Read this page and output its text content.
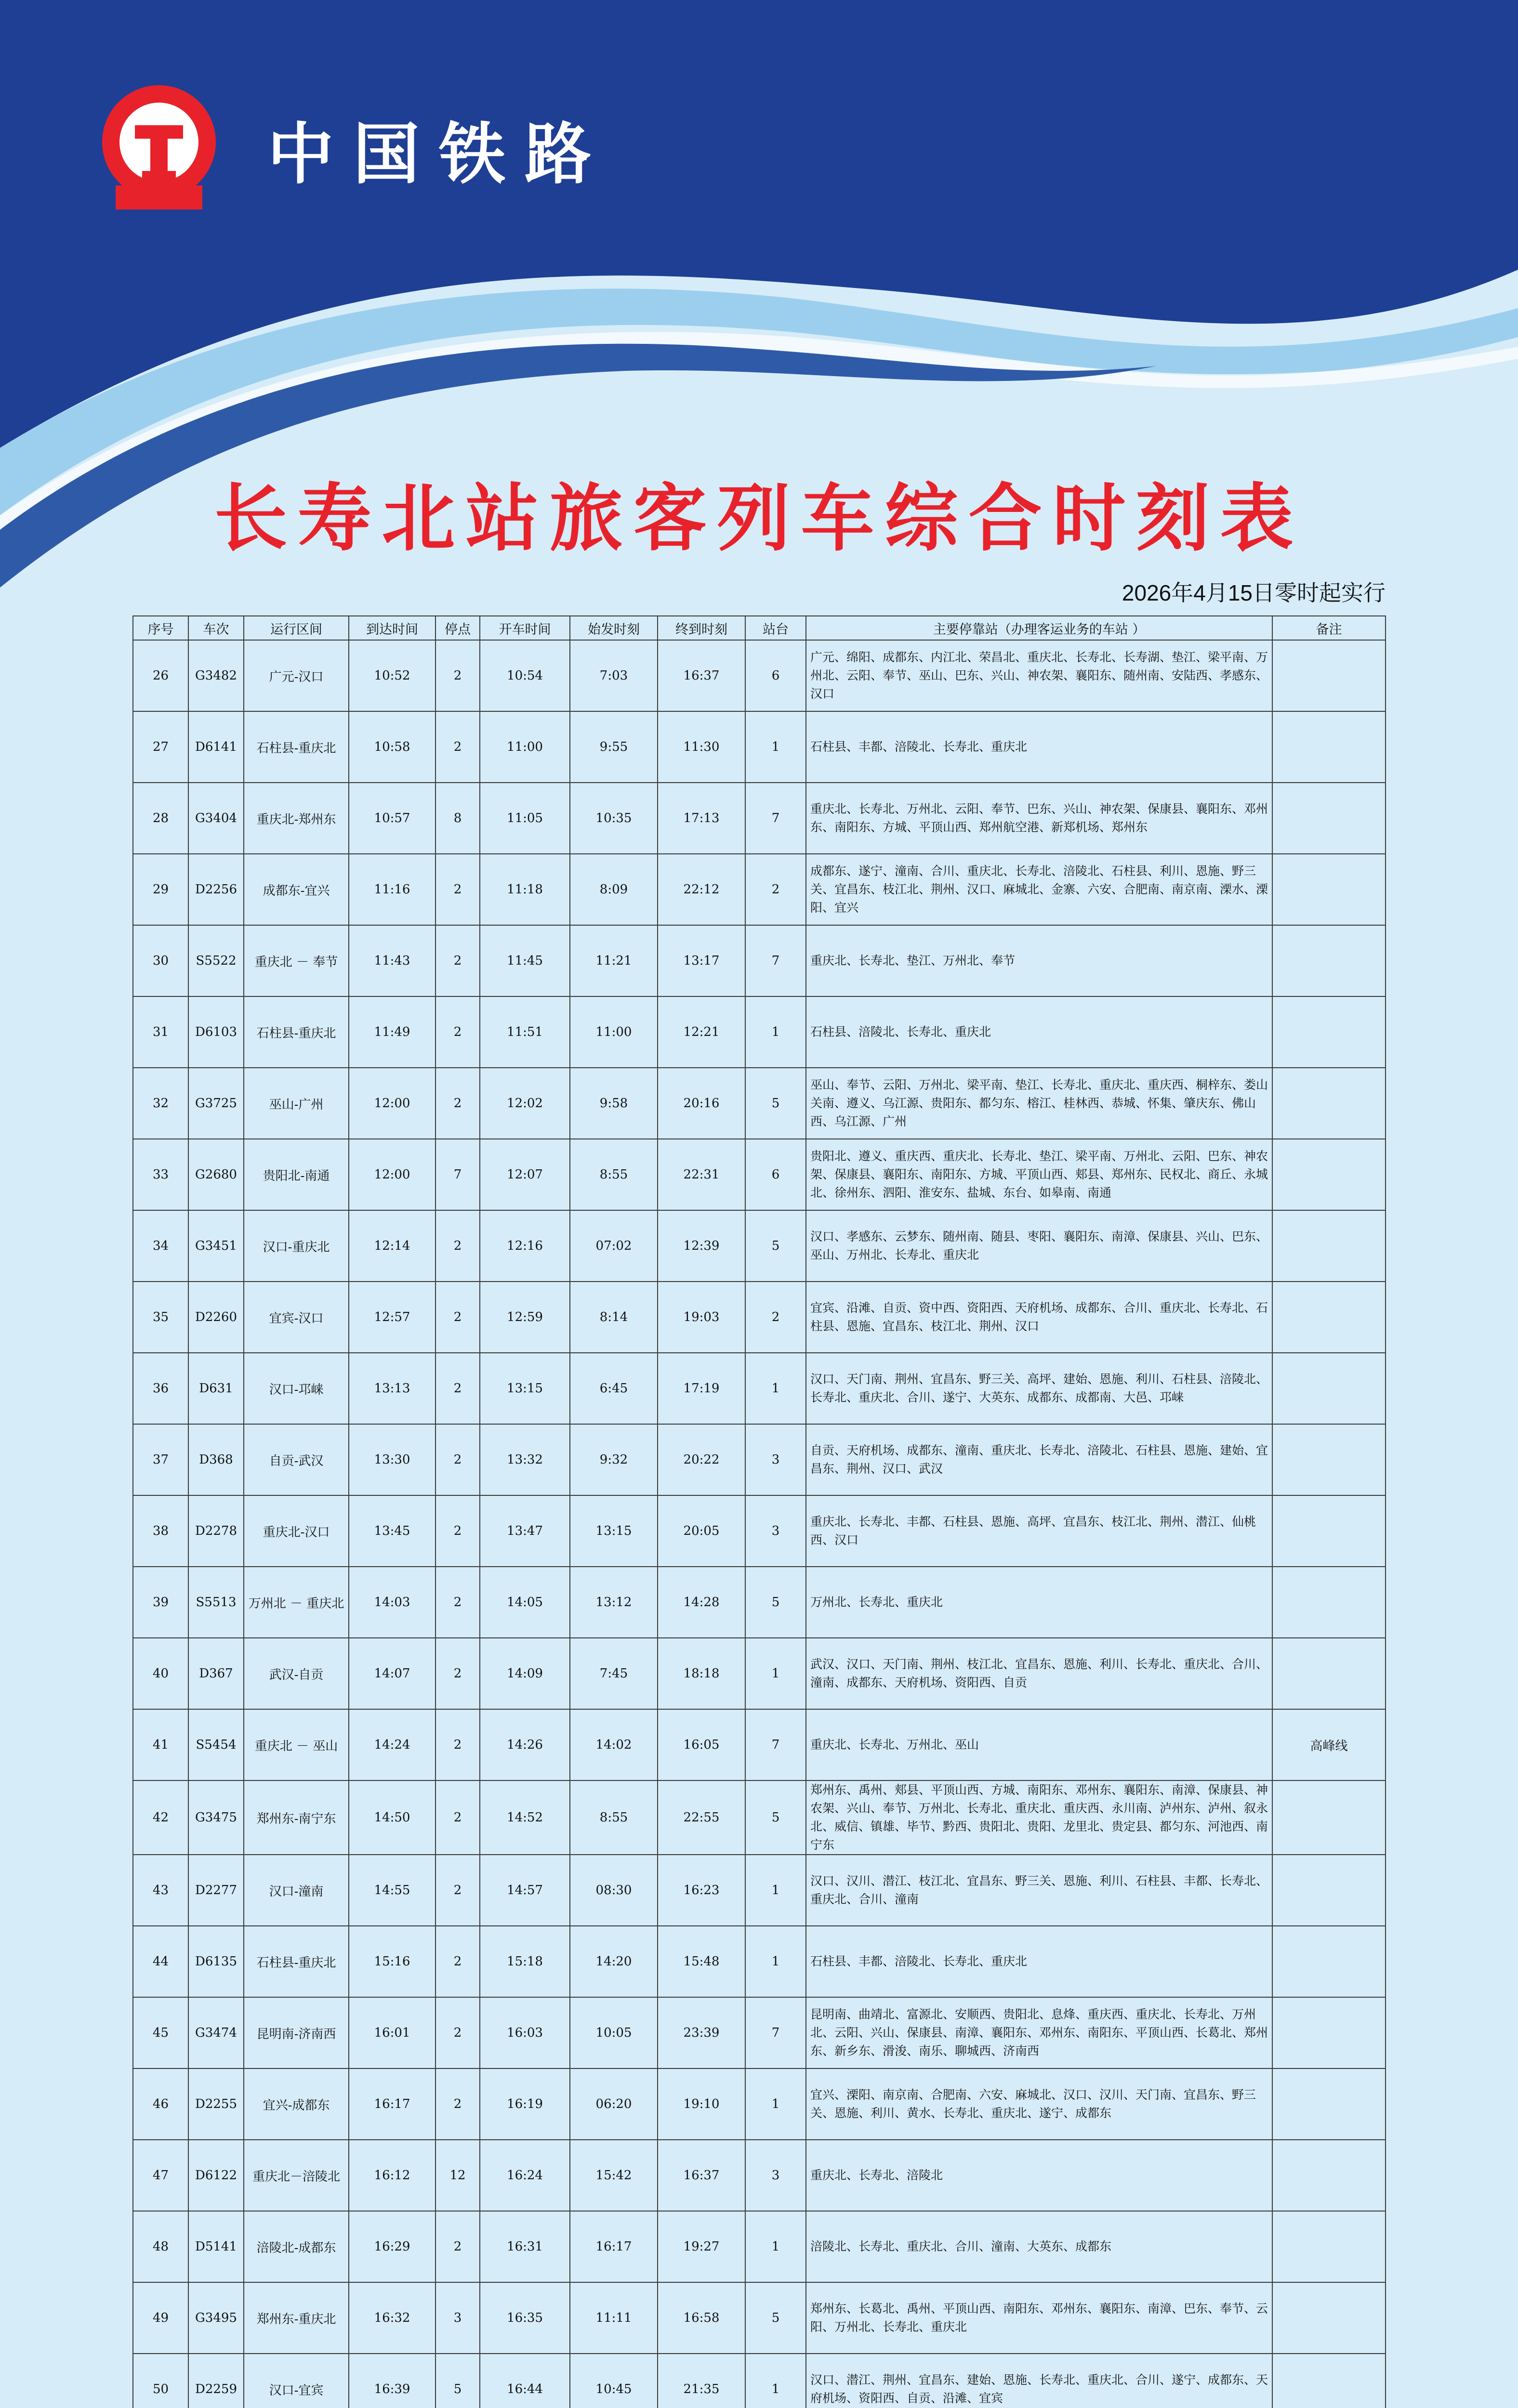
中国铁路
长寿北站旅客列车综合时刻表
2026年4月15日零时起实行
序号	车次	运行区间	到达时间	停点	开车时间	始发时刻	终到时刻	站台	主要停靠站（办理客运业务的车站 ）	备注
26	G3482	广元-汉口	10:52	2	10:54	7:03	16:37	6	广元、绵阳、成都东、内江北、荣昌北、重庆北、长寿北、长寿湖、垫江、梁平南、万州北、云阳、奉节、巫山、巴东、兴山、神农架、襄阳东、随州南、安陆西、孝感东、汉口	
27	D6141	石柱县-重庆北	10:58	2	11:00	9:55	11:30	1	石柱县、丰都、涪陵北、长寿北、重庆北	
28	G3404	重庆北-郑州东	10:57	8	11:05	10:35	17:13	7	重庆北、长寿北、万州北、云阳、奉节、巴东、兴山、神农架、保康县、襄阳东、邓州东、南阳东、方城、平顶山西、郑州航空港、新郑机场、郑州东	
29	D2256	成都东-宜兴	11:16	2	11:18	8:09	22:12	2	成都东、遂宁、潼南、合川、重庆北、长寿北、涪陵北、石柱县、利川、恩施、野三关、宜昌东、枝江北、荆州、汉口、麻城北、金寨、六安、合肥南、南京南、溧水、溧阳、宜兴	
30	S5522	重庆北 － 奉节	11:43	2	11:45	11:21	13:17	7	重庆北、长寿北、垫江、万州北、奉节	
31	D6103	石柱县-重庆北	11:49	2	11:51	11:00	12:21	1	石柱县、涪陵北、长寿北、重庆北	
32	G3725	巫山-广州	12:00	2	12:02	9:58	20:16	5	巫山、奉节、云阳、万州北、梁平南、垫江、长寿北、重庆北、重庆西、桐梓东、娄山关南、遵义、乌江源、贵阳东、都匀东、榕江、桂林西、恭城、怀集、肇庆东、佛山西、乌江源、广州	
33	G2680	贵阳北-南通	12:00	7	12:07	8:55	22:31	6	贵阳北、遵义、重庆西、重庆北、长寿北、垫江、梁平南、万州北、云阳、巴东、神农架、保康县、襄阳东、南阳东、方城、平顶山西、郏县、郑州东、民权北、商丘、永城北、徐州东、泗阳、淮安东、盐城、东台、如皋南、南通	
34	G3451	汉口-重庆北	12:14	2	12:16	07:02	12:39	5	汉口、孝感东、云梦东、随州南、随县、枣阳、襄阳东、南漳、保康县、兴山、巴东、巫山、万州北、长寿北、重庆北	
35	D2260	宜宾-汉口	12:57	2	12:59	8:14	19:03	2	宜宾、沿滩、自贡、资中西、资阳西、天府机场、成都东、合川、重庆北、长寿北、石柱县、恩施、宜昌东、枝江北、荆州、汉口	
36	D631	汉口-邛崃	13:13	2	13:15	6:45	17:19	1	汉口、天门南、荆州、宜昌东、野三关、高坪、建始、恩施、利川、石柱县、涪陵北、长寿北、重庆北、合川、遂宁、大英东、成都东、成都南、大邑、邛崃	
37	D368	自贡-武汉	13:30	2	13:32	9:32	20:22	3	自贡、天府机场、成都东、潼南、重庆北、长寿北、涪陵北、石柱县、恩施、建始、宜昌东、荆州、汉口、武汉	
38	D2278	重庆北-汉口	13:45	2	13:47	13:15	20:05	3	重庆北、长寿北、丰都、石柱县、恩施、高坪、宜昌东、枝江北、荆州、潜江、仙桃西、汉口	
39	S5513	万州北 － 重庆北	14:03	2	14:05	13:12	14:28	5	万州北、长寿北、重庆北	
40	D367	武汉-自贡	14:07	2	14:09	7:45	18:18	1	武汉、汉口、天门南、荆州、枝江北、宜昌东、恩施、利川、长寿北、重庆北、合川、潼南、成都东、天府机场、资阳西、自贡	
41	S5454	重庆北 － 巫山	14:24	2	14:26	14:02	16:05	7	重庆北、长寿北、万州北、巫山	高峰线
42	G3475	郑州东-南宁东	14:50	2	14:52	8:55	22:55	5	郑州东、禹州、郏县、平顶山西、方城、南阳东、邓州东、襄阳东、南漳、保康县、神农架、兴山、奉节、万州北、长寿北、重庆北、重庆西、永川南、泸州东、泸州、叙永北、威信、镇雄、毕节、黔西、贵阳北、贵阳、龙里北、贵定县、都匀东、河池西、南宁东	
43	D2277	汉口-潼南	14:55	2	14:57	08:30	16:23	1	汉口、汉川、潜江、枝江北、宜昌东、野三关、恩施、利川、石柱县、丰都、长寿北、重庆北、合川、潼南	
44	D6135	石柱县-重庆北	15:16	2	15:18	14:20	15:48	1	石柱县、丰都、涪陵北、长寿北、重庆北	
45	G3474	昆明南-济南西	16:01	2	16:03	10:05	23:39	7	昆明南、曲靖北、富源北、安顺西、贵阳北、息烽、重庆西、重庆北、长寿北、万州北、云阳、兴山、保康县、南漳、襄阳东、邓州东、南阳东、平顶山西、长葛北、郑州东、新乡东、滑浚、南乐、聊城西、济南西	
46	D2255	宜兴-成都东	16:17	2	16:19	06:20	19:10	1	宜兴、溧阳、南京南、合肥南、六安、麻城北、汉口、汉川、天门南、宜昌东、野三关、恩施、利川、黄水、长寿北、重庆北、遂宁、成都东	
47	D6122	重庆北－涪陵北	16:12	12	16:24	15:42	16:37	3	重庆北、长寿北、涪陵北	
48	D5141	涪陵北-成都东	16:29	2	16:31	16:17	19:27	1	涪陵北、长寿北、重庆北、合川、潼南、大英东、成都东	
49	G3495	郑州东-重庆北	16:32	3	16:35	11:11	16:58	5	郑州东、长葛北、禹州、平顶山西、南阳东、邓州东、襄阳东、南漳、巴东、奉节、云阳、万州北、长寿北、重庆北	
50	D2259	汉口-宜宾	16:39	5	16:44	10:45	21:35	1	汉口、潜江、荆州、宜昌东、建始、恩施、长寿北、重庆北、合川、遂宁、成都东、天府机场、资阳西、自贡、沿滩、宜宾	
